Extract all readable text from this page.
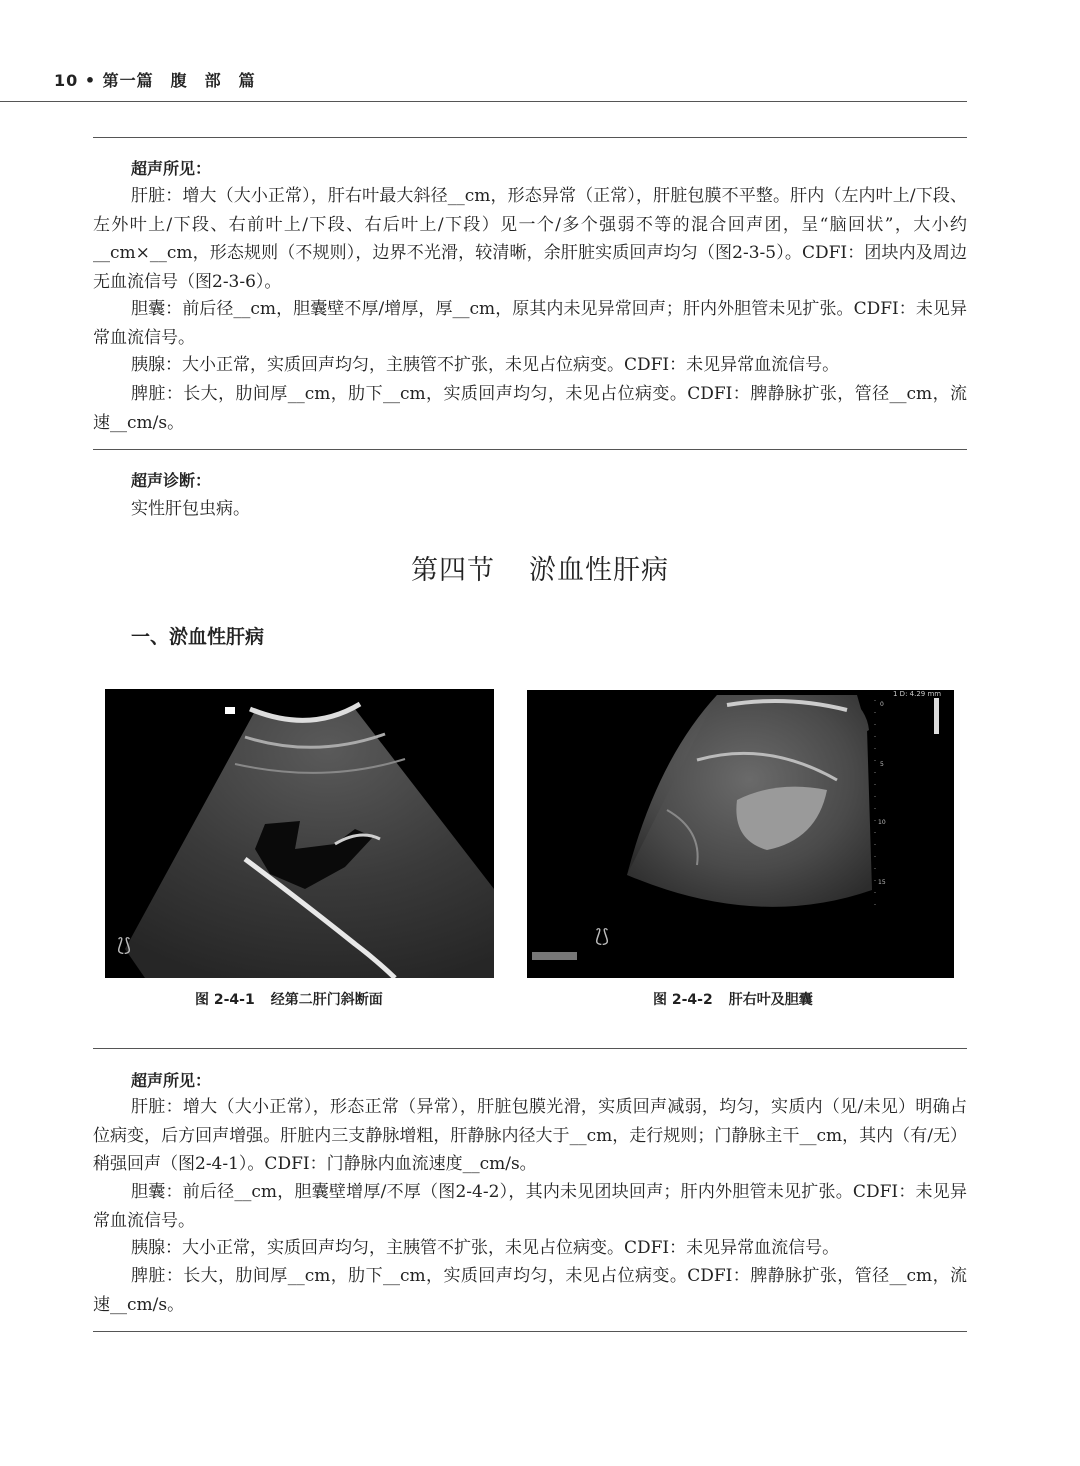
10 • 第一篇　腹　部　篇
超声所见：

肝脏：增大（大小正常），肝右叶最大斜径__cm，形态异常（正常），肝脏包膜不平整。肝内（左内叶上/下段、左外叶上/下段、右前叶上/下段、右后叶上/下段）见一个/多个强弱不等的混合回声团，呈“脑回状”，大小约__cm×__cm，形态规则（不规则），边界不光滑，较清晰，余肝脏实质回声均匀（图2-3-5）。CDFI：团块内及周边无血流信号（图2-3-6）。

胆囊：前后径__cm，胆囊壁不厚/增厚，厚__cm，原其内未见异常回声；肝内外胆管未见扩张。CDFI：未见异常血流信号。

胰腺：大小正常，实质回声均匀，主胰管不扩张，未见占位病变。CDFI：未见异常血流信号。

脾脏：长大，肋间厚__cm，肋下__cm，实质回声均匀，未见占位病变。CDFI：脾静脉扩张，管径__cm，流速__cm/s。

超声诊断：
实性肝包虫病。
第四节 淤血性肝病
一、淤血性肝病
⟅⟆
1 D: 4.29 mm
0
5
10
15
⟅⟆
图 2-4-1 经第二肝门斜断面	图 2-4-2 肝右叶及胆囊
超声所见：

肝脏：增大（大小正常），形态正常（异常），肝脏包膜光滑，实质回声减弱，均匀，实质内（见/未见）明确占位病变，后方回声增强。肝脏内三支静脉增粗，肝静脉内径大于__cm，走行规则；门静脉主干__cm，其内（有/无）稍强回声（图2-4-1）。CDFI：门静脉内血流速度__cm/s。

胆囊：前后径__cm，胆囊壁增厚/不厚（图2-4-2），其内未见团块回声；肝内外胆管未见扩张。CDFI：未见异常血流信号。

胰腺：大小正常，实质回声均匀，主胰管不扩张，未见占位病变。CDFI：未见异常血流信号。

脾脏：长大，肋间厚__cm，肋下__cm，实质回声均匀，未见占位病变。CDFI：脾静脉扩张，管径__cm，流速__cm/s。
